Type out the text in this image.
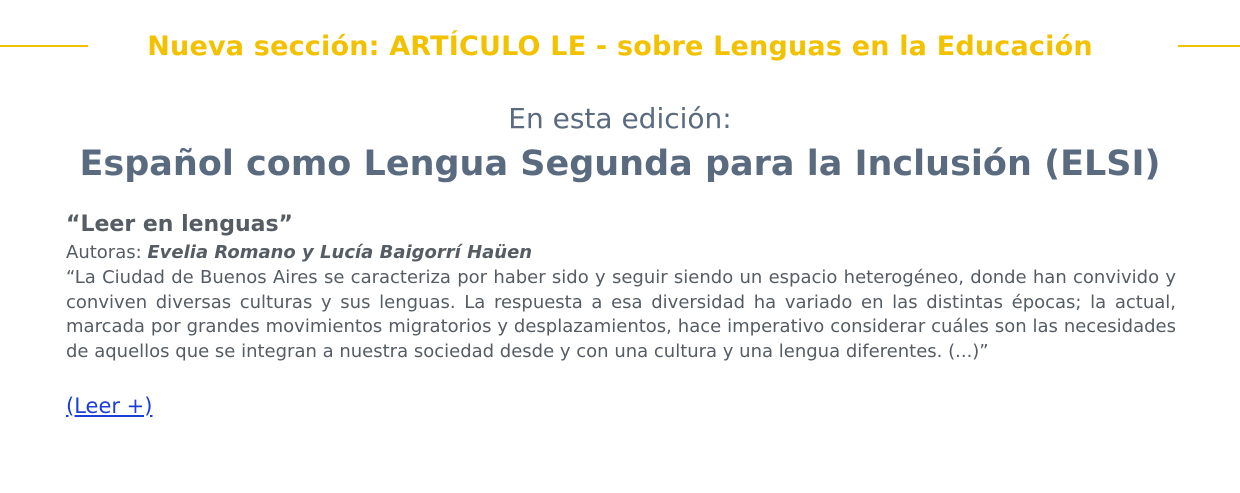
Nueva sección: ARTÍCULO LE - sobre Lenguas en la Educación
En esta edición:
Español como Lengua Segunda para la Inclusión (ELSI)
“Leer en lenguas”
Autoras: Evelia Romano y Lucía Baigorrí Haüen

“La Ciudad de Buenos Aires se caracteriza por haber sido y seguir siendo un espacio heterogéneo, donde han convivido y conviven diversas culturas y sus lenguas. La respuesta a esa diversidad ha variado en las distintas épocas; la actual, marcada por grandes movimientos migratorios y desplazamientos, hace imperativo considerar cuáles son las necesidades de aquellos que se integran a nuestra sociedad desde y con una cultura y una lengua diferentes. (...)”

(Leer +)
